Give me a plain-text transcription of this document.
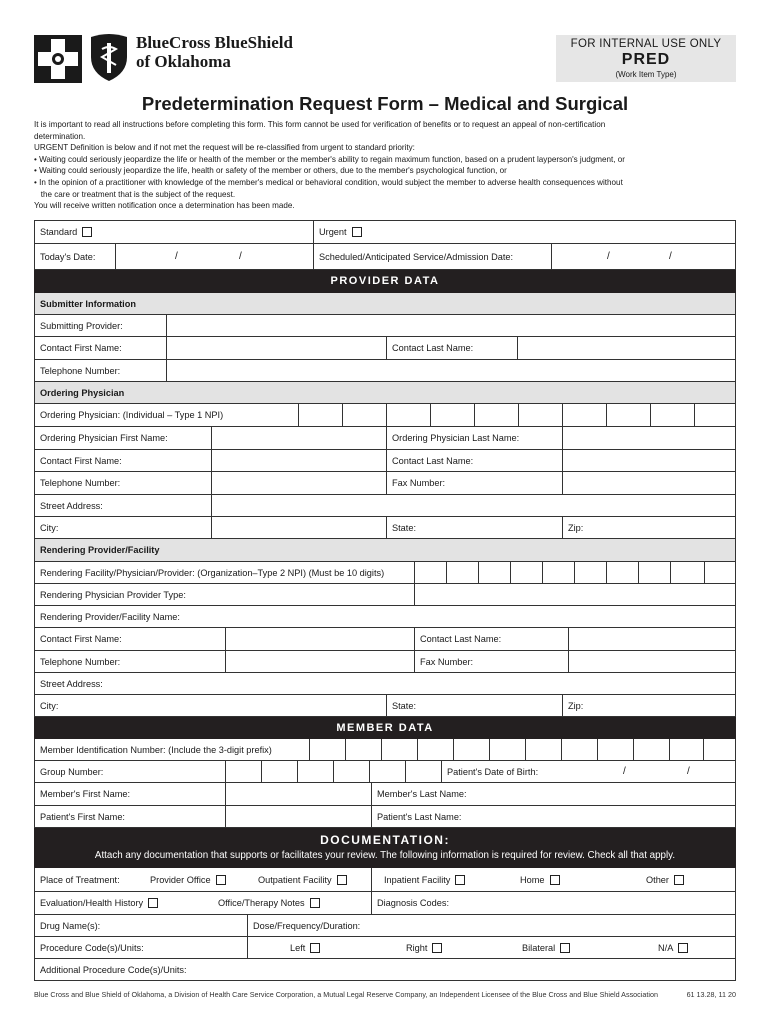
BlueCross BlueShield
of Oklahoma
FOR INTERNAL USE ONLY
PRED
(Work Item Type)
Predetermination Request Form – Medical and Surgical
It is important to read all instructions before completing this form. This form cannot be used for verification of benefits or to request an appeal of non-certification
determination.
URGENT Definition is below and if not met the request will be re-classified from urgent to standard priority:
• Waiting could seriously jeopardize the life or health of the member or the member's ability to regain maximum function, based on a prudent layperson's judgment, or
• Waiting could seriously jeopardize the life, health or safety of the member or others, due to the member's psychological function, or
• In the opinion of a practitioner with knowledge of the member's medical or behavioral condition, would subject the member to adverse health consequences without
the care or treatment that is the subject of the request.
You will receive written notification once a determination has been made.
Standard	Urgent
Today's Date:	/	/	Scheduled/Anticipated Service/Admission Date:	/	/
PROVIDER DATA
Submitter Information
Submitting Provider:
Contact First Name:	Contact Last Name:
Telephone Number:
Ordering Physician
Ordering Physician: (Individual – Type 1 NPI)
Ordering Physician First Name:	Ordering Physician Last Name:
Contact First Name:	Contact Last Name:
Telephone Number:	Fax Number:
Street Address:
City:	State:	Zip:
Rendering Provider/Facility
Rendering Facility/Physician/Provider: (Organization–Type 2 NPI) (Must be 10 digits)
Rendering Physician Provider Type:
Rendering Provider/Facility Name:
Contact First Name:	Contact Last Name:
Telephone Number:	Fax Number:
Street Address:
City:	State:	Zip:
MEMBER DATA
Member Identification Number: (Include the 3-digit prefix)
Group Number:	Patient's Date of Birth:	/	/
Member's First Name:	Member's Last Name:
Patient's First Name:	Patient's Last Name:
DOCUMENTATION:
Attach any documentation that supports or facilitates your review. The following information is required for review. Check all that apply.
Place of Treatment:	Provider Office	Outpatient Facility	Inpatient Facility	Home	Other
Evaluation/Health History	Office/Therapy Notes	Diagnosis Codes:
Drug Name(s):	Dose/Frequency/Duration:
Procedure Code(s)/Units:	Left	Right	Bilateral	N/A
Additional Procedure Code(s)/Units:
Blue Cross and Blue Shield of Oklahoma, a Division of Health Care Service Corporation, a Mutual Legal Reserve Company, an Independent Licensee of the Blue Cross and Blue Shield Association	61 13.28, 11 20
